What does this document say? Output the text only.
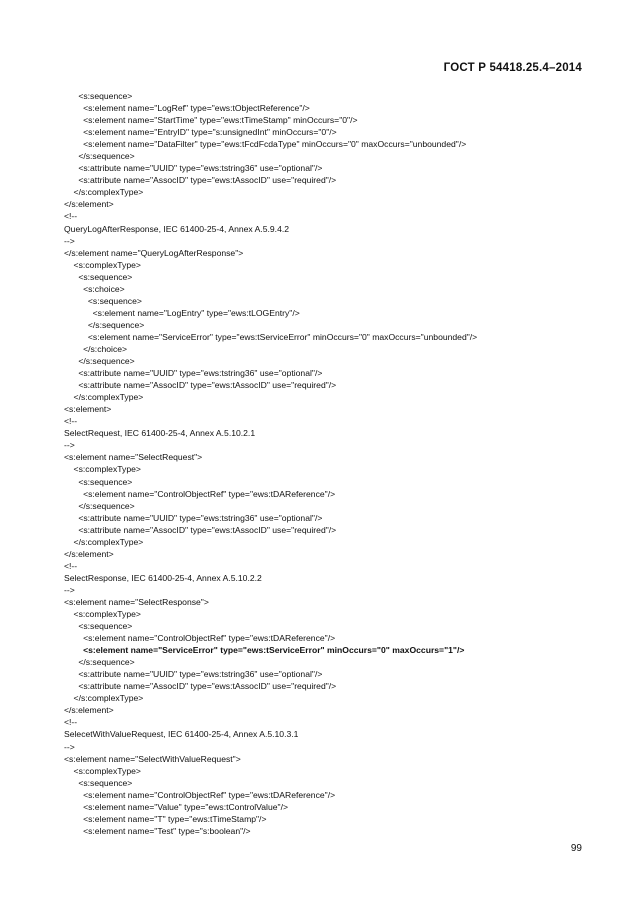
ГОСТ Р 54418.25.4–2014
<s:sequence>
<s:element name="LogRef" type="ews:tObjectReference"/>
<s:element name="StartTime" type="ews:tTimeStamp" minOccurs="0"/>
<s:element name="EntryID" type="s:unsignedInt" minOccurs="0"/>
<s:element name="DataFilter" type="ews:tFcdFcdaType" minOccurs="0" maxOccurs="unbounded"/>
</s:sequence>
<s:attribute name="UUID" type="ews:tstring36" use="optional"/>
<s:attribute name="AssocID" type="ews:tAssocID" use="required"/>
</s:complexType>
</s:element>
<!--
QueryLogAfterResponse, IEC 61400-25-4, Annex A.5.9.4.2
-->
</s:element name="QueryLogAfterResponse">
<s:complexType>
<s:sequence>
<s:choice>
<s:sequence>
<s:element name="LogEntry" type="ews:tLOGEntry"/>
</s:sequence>
<s:element name="ServiceError" type="ews:tServiceError" minOccurs="0" maxOccurs="unbounded"/>
</s:choice>
</s:sequence>
<s:attribute name="UUID" type="ews:tstring36" use="optional"/>
<s:attribute name="AssocID" type="ews:tAssocID" use="required"/>
</s:complexType>
<s:element>
<!--
SelectRequest, IEC 61400-25-4, Annex A.5.10.2.1
-->
<s:element name="SelectRequest">
<s:complexType>
<s:sequence>
<s:element name="ControlObjectRef" type="ews:tDAReference"/>
</s:sequence>
<s:attribute name="UUID" type="ews:tstring36" use="optional"/>
<s:attribute name="AssocID" type="ews:tAssocID" use="required"/>
</s:complexType>
</s:element>
<!--
SelectResponse, IEC 61400-25-4, Annex A.5.10.2.2
-->
<s:element name="SelectResponse">
<s:complexType>
<s:sequence>
<s:element name="ControlObjectRef" type="ews:tDAReference"/>
<s:element name="ServiceError" type="ews:tServiceError" minOccurs="0" maxOccurs="1"/>
</s:sequence>
<s:attribute name="UUID" type="ews:tstring36" use="optional"/>
<s:attribute name="AssocID" type="ews:tAssocID" use="required"/>
</s:complexType>
</s:element>
<!--
SelecetWithValueRequest, IEC 61400-25-4, Annex A.5.10.3.1
-->
<s:element name="SelectWithValueRequest">
<s:complexType>
<s:sequence>
<s:element name="ControlObjectRef" type="ews:tDAReference"/>
<s:element name="Value" type="ews:tControlValue"/>
<s:element name="T" type="ews:tTimeStamp"/>
<s:element name="Test" type="s:boolean"/>
99
